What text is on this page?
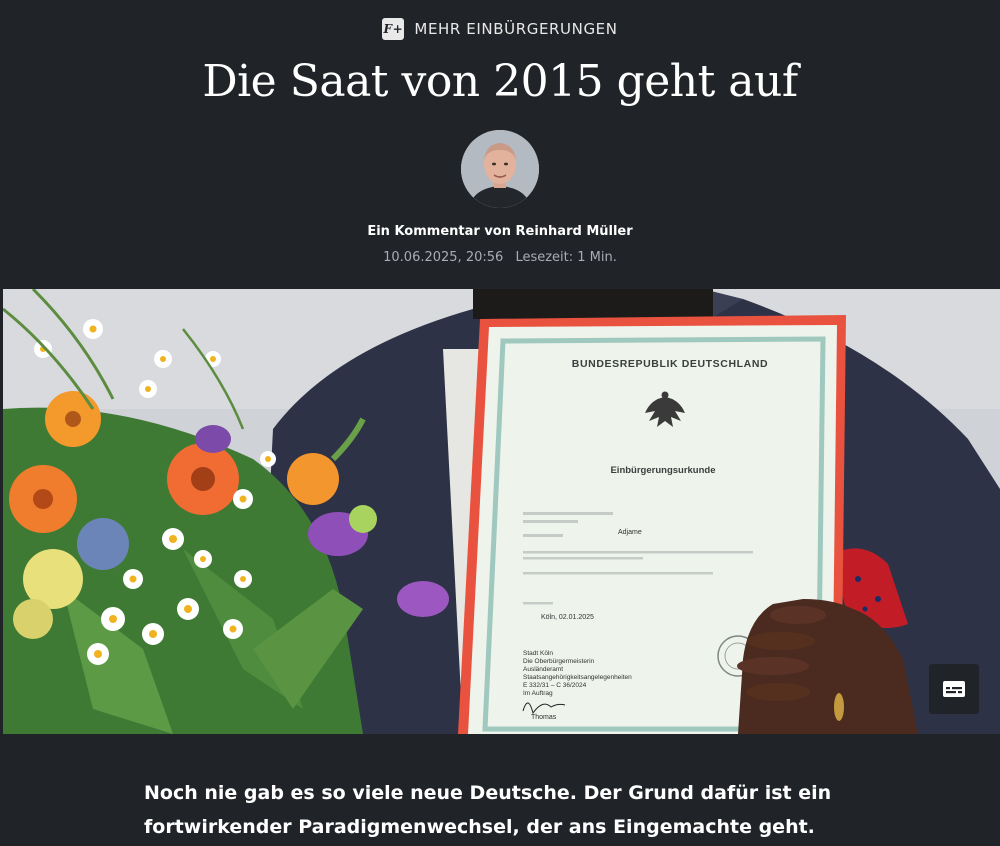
F+ MEHR EINBÜRGERUNGEN
Die Saat von 2015 geht auf
Ein Kommentar von Reinhard Müller
10.06.2025, 20:56 Lesezeit: 1 Min.
BUNDESREPUBLIK DEUTSCHLAND
Einbürgerungsurkunde
Adjame
Köln, 02.01.2025
Stadt Köln
Die Oberbürgermeisterin
Ausländeramt
Staatsangehörigkeitsangelegenheiten
E 332/31 – C 36/2024
Im Auftrag
Thomas

Noch nie gab es so viele neue Deutsche. Der Grund dafür ist ein fortwirkender Paradigmenwechsel, der ans Eingemachte geht.
